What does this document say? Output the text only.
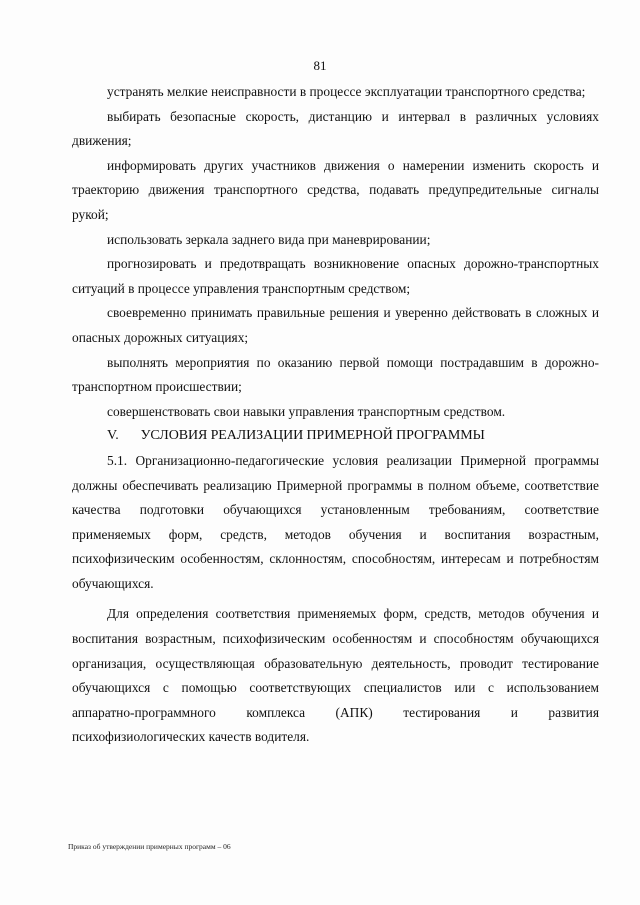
81

устранять мелкие неисправности в процессе эксплуатации транспортного средства;

выбирать безопасные скорость, дистанцию и интервал в различных условиях движения;

информировать других участников движения о намерении изменить скорость и траекторию движения транспортного средства, подавать предупредительные сигналы рукой;

использовать зеркала заднего вида при маневрировании;

прогнозировать и предотвращать возникновение опасных дорожно-транспортных ситуаций в процессе управления транспортным средством;

своевременно принимать правильные решения и уверенно действовать в сложных и опасных дорожных ситуациях;

выполнять мероприятия по оказанию первой помощи пострадавшим в дорожно-транспортном происшествии;

совершенствовать свои навыки управления транспортным средством.

V. УСЛОВИЯ РЕАЛИЗАЦИИ ПРИМЕРНОЙ ПРОГРАММЫ

5.1. Организационно-педагогические условия реализации Примерной программы должны обеспечивать реализацию Примерной программы в полном объеме, соответствие качества подготовки обучающихся установленным требованиям, соответствие применяемых форм, средств, методов обучения и воспитания возрастным, психофизическим особенностям, склонностям, способностям, интересам и потребностям обучающихся.

Для определения соответствия применяемых форм, средств, методов обучения и воспитания возрастным, психофизическим особенностям и способностям обучающихся организация, осуществляющая образовательную деятельность, проводит тестирование обучающихся с помощью соответствующих специалистов или с использованием аппаратно-программного комплекса (АПК) тестирования и развития психофизиологических качеств водителя.

Приказ об утверждении примерных программ – 06
